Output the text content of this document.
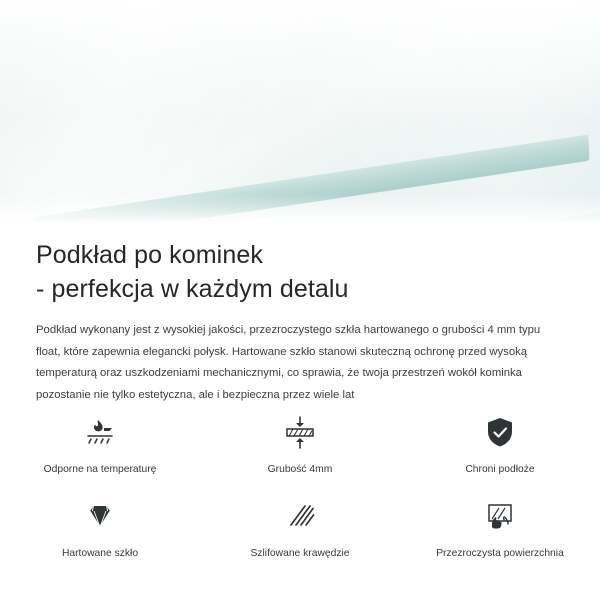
Podkład po kominek
- perfekcja w każdym detalu

Podkład wykonany jest z wysokiej jakości, przezroczystego szkła hartowanego o grubości 4 mm typu float, które zapewnia elegancki połysk. Hartowane szkło stanowi skuteczną ochronę przed wysoką temperaturą oraz uszkodzeniami mechanicznymi, co sprawia, że twoja przestrzeń wokół kominka pozostanie nie tylko estetyczna, ale i bezpieczna przez wiele lat

Odporne na temperaturę	Grubość 4mm	Chroni podłoże
Hartowane szkło	Szlifowane krawędzie	Przezroczysta powierzchnia
